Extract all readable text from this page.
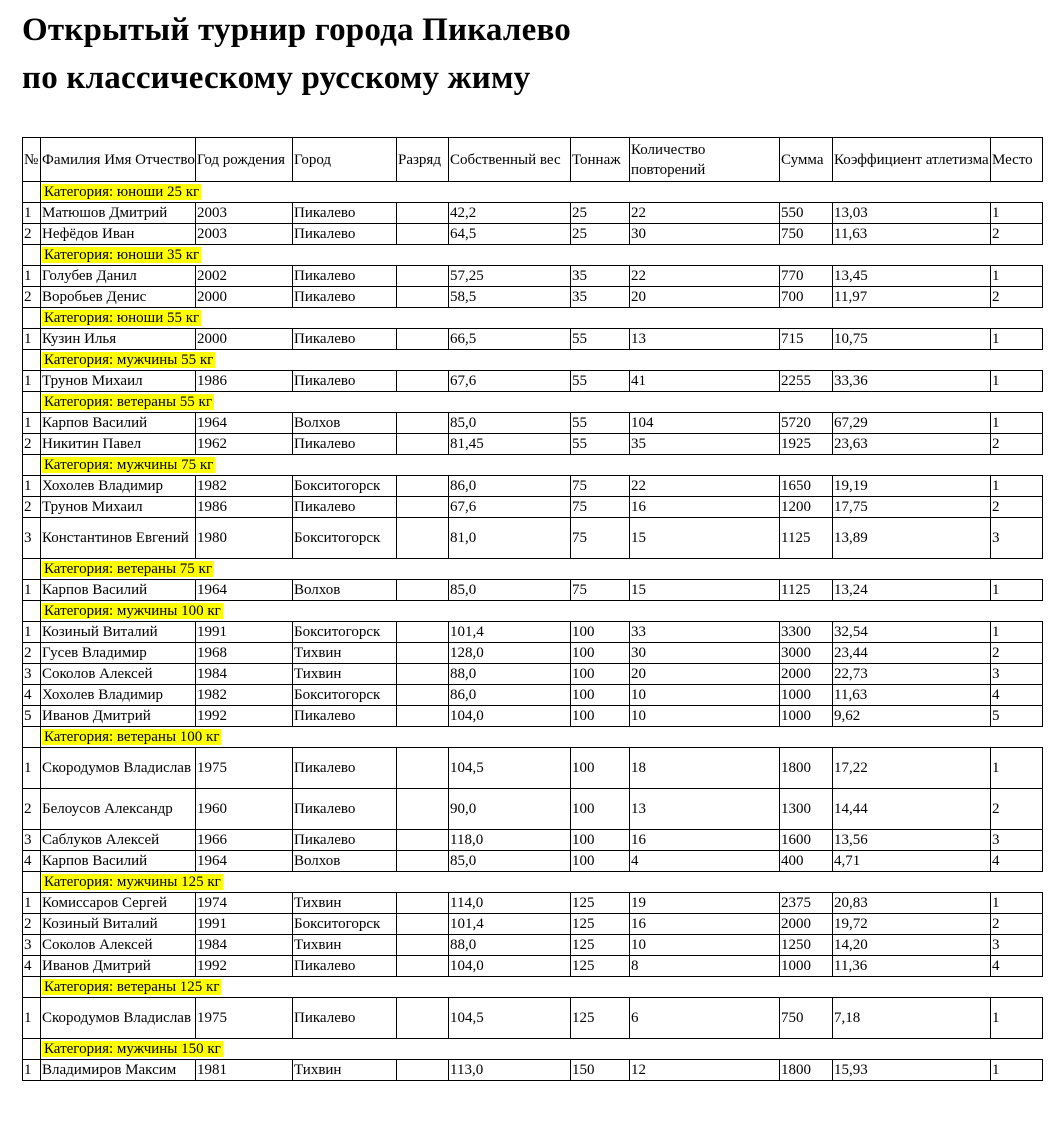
Открытый турнир города Пикалево
по классическому русскому жиму
№	Фамилия Имя Отчество	Год рождения	Город	Разряд	Собственный вес	Тоннаж	Количество повторений	Сумма	Коэффициент атлетизма	Место
	Категория: юноши 25 кг									
1	Матюшов Дмитрий	2003	Пикалево		42,2	25	22	550	13,03	1
2	Нефёдов Иван	2003	Пикалево		64,5	25	30	750	11,63	2
	Категория: юноши 35 кг									
1	Голубев Данил	2002	Пикалево		57,25	35	22	770	13,45	1
2	Воробьев Денис	2000	Пикалево		58,5	35	20	700	11,97	2
	Категория: юноши 55 кг									
1	Кузин Илья	2000	Пикалево		66,5	55	13	715	10,75	1
	Категория: мужчины 55 кг									
1	Трунов Михаил	1986	Пикалево		67,6	55	41	2255	33,36	1
	Категория: ветераны 55 кг									
1	Карпов Василий	1964	Волхов		85,0	55	104	5720	67,29	1
2	Никитин Павел	1962	Пикалево		81,45	55	35	1925	23,63	2
	Категория: мужчины 75 кг									
1	Хохолев Владимир	1982	Бокситогорск		86,0	75	22	1650	19,19	1
2	Трунов Михаил	1986	Пикалево		67,6	75	16	1200	17,75	2
3	Константинов Евгений	1980	Бокситогорск		81,0	75	15	1125	13,89	3
	Категория: ветераны 75 кг									
1	Карпов Василий	1964	Волхов		85,0	75	15	1125	13,24	1
	Категория: мужчины 100 кг									
1	Козиный Виталий	1991	Бокситогорск		101,4	100	33	3300	32,54	1
2	Гусев Владимир	1968	Тихвин		128,0	100	30	3000	23,44	2
3	Соколов Алексей	1984	Тихвин		88,0	100	20	2000	22,73	3
4	Хохолев Владимир	1982	Бокситогорск		86,0	100	10	1000	11,63	4
5	Иванов Дмитрий	1992	Пикалево		104,0	100	10	1000	9,62	5
	Категория: ветераны 100 кг									
1	Скородумов Владислав	1975	Пикалево		104,5	100	18	1800	17,22	1
2	Белоусов Александр	1960	Пикалево		90,0	100	13	1300	14,44	2
3	Саблуков Алексей	1966	Пикалево		118,0	100	16	1600	13,56	3
4	Карпов Василий	1964	Волхов		85,0	100	4	400	4,71	4
	Категория: мужчины 125 кг									
1	Комиссаров Сергей	1974	Тихвин		114,0	125	19	2375	20,83	1
2	Козиный Виталий	1991	Бокситогорск		101,4	125	16	2000	19,72	2
3	Соколов Алексей	1984	Тихвин		88,0	125	10	1250	14,20	3
4	Иванов Дмитрий	1992	Пикалево		104,0	125	8	1000	11,36	4
	Категория: ветераны 125 кг									
1	Скородумов Владислав	1975	Пикалево		104,5	125	6	750	7,18	1
	Категория: мужчины 150 кг									
1	Владимиров Максим	1981	Тихвин		113,0	150	12	1800	15,93	1
